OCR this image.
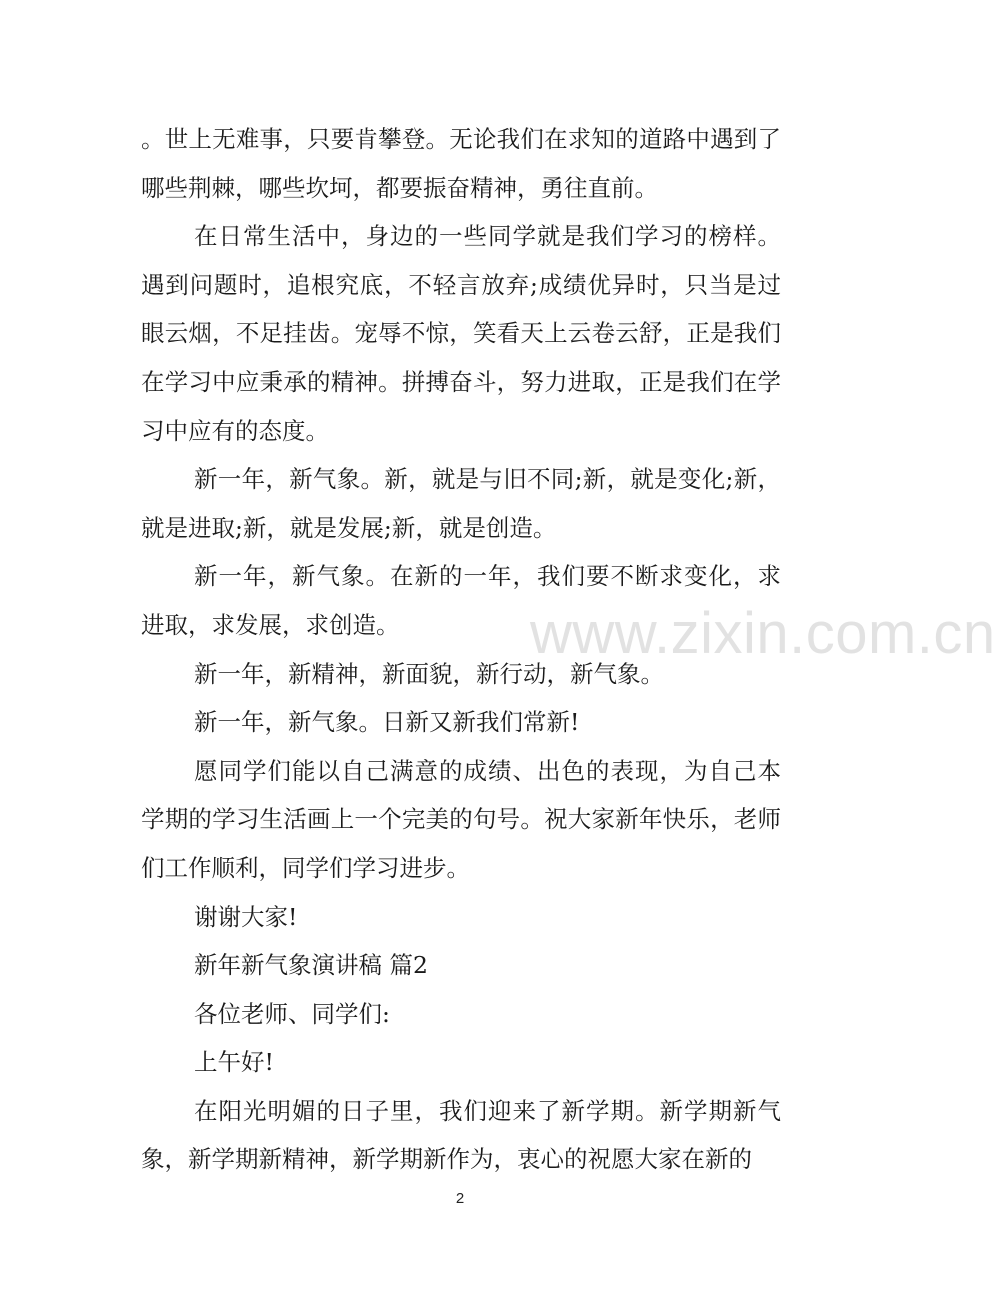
。世上无难事，只要肯攀登。无论我们在求知的道路中遇到了哪些荆棘，哪些坎坷，都要振奋精神，勇往直前。

在日常生活中，身边的一些同学就是我们学习的榜样。遇到问题时，追根究底，不轻言放弃;成绩优异时，只当是过眼云烟，不足挂齿。宠辱不惊，笑看天上云卷云舒，正是我们在学习中应秉承的精神。拼搏奋斗，努力进取，正是我们在学习中应有的态度。

新一年，新气象。新，就是与旧不同;新，就是变化;新，就是进取;新，就是发展;新，就是创造。

新一年，新气象。在新的一年，我们要不断求变化，求进取，求发展，求创造。

新一年，新精神，新面貌，新行动，新气象。

新一年，新气象。日新又新我们常新!

愿同学们能以自己满意的成绩、出色的表现，为自己本学期的学习生活画上一个完美的句号。祝大家新年快乐，老师们工作顺利，同学们学习进步。

谢谢大家!

新年新气象演讲稿 篇2

各位老师、同学们:

上午好!

在阳光明媚的日子里，我们迎来了新学期。新学期新气象，新学期新精神，新学期新作为，衷心的祝愿大家在新的

www.zixin.com.cn
2
